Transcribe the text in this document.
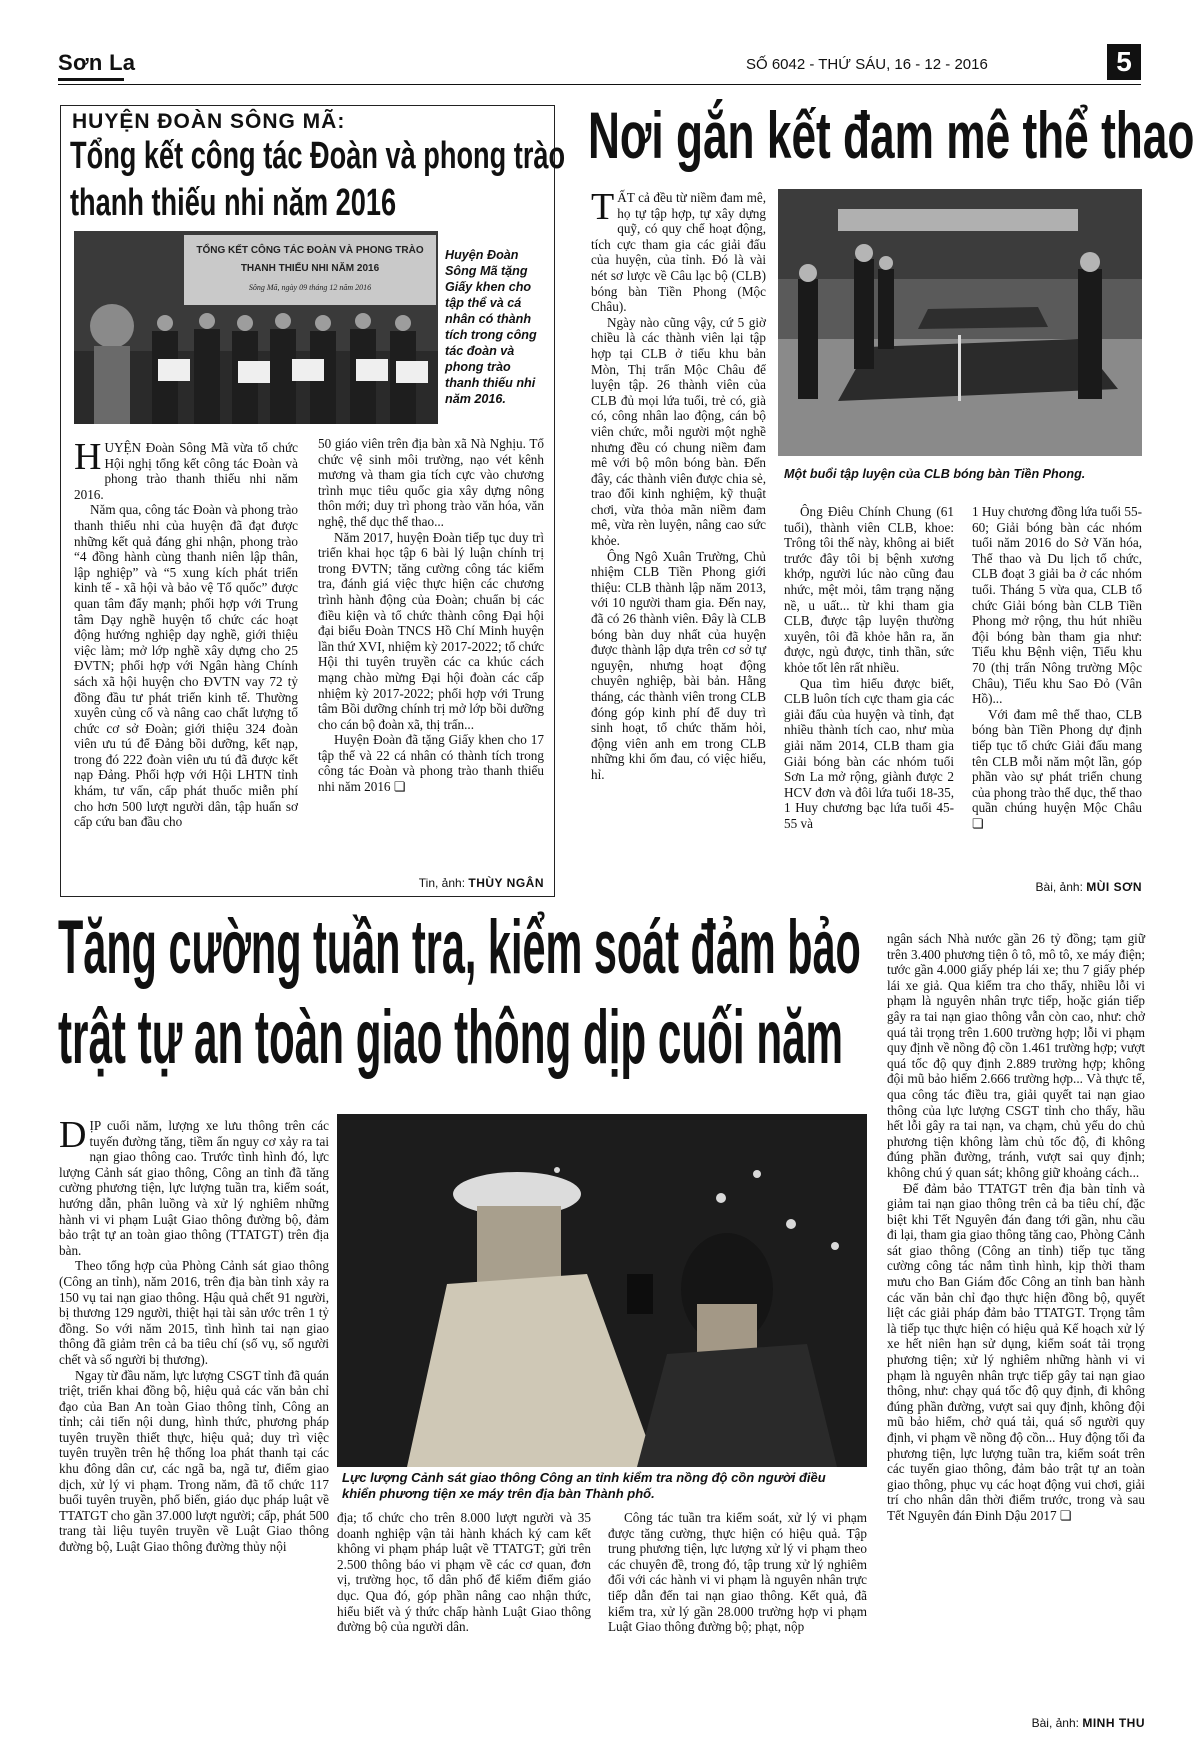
Sơn La	SỐ 6042 - THỨ SÁU, 16 - 12 - 2016	5
HUYỆN ĐOÀN SÔNG MÃ:
Tổng kết công tác Đoàn và phong trào
thanh thiếu nhi năm 2016
TỔNG KẾT CÔNG TÁC ĐOÀN VÀ PHONG TRÀO
THANH THIẾU NHI NĂM 2016
Sông Mã, ngày 09 tháng 12 năm 2016
Huyện Đoàn Sông Mã tặng Giấy khen cho tập thể và cá nhân có thành tích trong công tác đoàn và phong trào thanh thiếu nhi năm 2016.

HUYỆN Đoàn Sông Mã vừa tổ chức Hội nghị tổng kết công tác Đoàn và phong trào thanh thiếu nhi năm 2016.

Năm qua, công tác Đoàn và phong trào thanh thiếu nhi của huyện đã đạt được những kết quả đáng ghi nhận, phong trào “4 đồng hành cùng thanh niên lập thân, lập nghiệp” và “5 xung kích phát triển kinh tế - xã hội và bảo vệ Tổ quốc” được quan tâm đẩy mạnh; phối hợp với Trung tâm Dạy nghề huyện tổ chức các hoạt động hướng nghiệp dạy nghề, giới thiệu việc làm; mở lớp nghề xây dựng cho 25 ĐVTN; phối hợp với Ngân hàng Chính sách xã hội huyện cho ĐVTN vay 72 tỷ đồng đầu tư phát triển kinh tế. Thường xuyên củng cố và nâng cao chất lượng tổ chức cơ sở Đoàn; giới thiệu 324 đoàn viên ưu tú để Đảng bồi dưỡng, kết nạp, trong đó 222 đoàn viên ưu tú đã được kết nạp Đảng. Phối hợp với Hội LHTN tỉnh khám, tư vấn, cấp phát thuốc miễn phí cho hơn 500 lượt người dân, tập huấn sơ cấp cứu ban đầu cho

50 giáo viên trên địa bàn xã Nà Nghịu. Tổ chức vệ sinh môi trường, nạo vét kênh mương và tham gia tích cực vào chương trình mục tiêu quốc gia xây dựng nông thôn mới; duy trì phong trào văn hóa, văn nghệ, thể dục thể thao...

Năm 2017, huyện Đoàn tiếp tục duy trì triển khai học tập 6 bài lý luận chính trị trong ĐVTN; tăng cường công tác kiểm tra, đánh giá việc thực hiện các chương trình hành động của Đoàn; chuẩn bị các điều kiện và tổ chức thành công Đại hội đại biểu Đoàn TNCS Hồ Chí Minh huyện lần thứ XVI, nhiệm kỳ 2017-2022; tổ chức Hội thi tuyên truyền các ca khúc cách mạng chào mừng Đại hội đoàn các cấp nhiệm kỳ 2017-2022; phối hợp với Trung tâm Bồi dưỡng chính trị mở lớp bồi dưỡng cho cán bộ đoàn xã, thị trấn...

Huyện Đoàn đã tặng Giấy khen cho 17 tập thể và 22 cá nhân có thành tích trong công tác Đoàn và phong trào thanh thiếu nhi năm 2016 ❏

Tin, ảnh: THÙY NGÂN
Nơi gắn kết đam mê thể thao
Một buổi tập luyện của CLB bóng bàn Tiền Phong.

TẤT cả đều từ niềm đam mê, họ tự tập hợp, tự xây dựng quỹ, có quy chế hoạt động, tích cực tham gia các giải đấu của huyện, của tỉnh. Đó là vài nét sơ lược về Câu lạc bộ (CLB) bóng bàn Tiền Phong (Mộc Châu).

Ngày nào cũng vậy, cứ 5 giờ chiều là các thành viên lại tập hợp tại CLB ở tiểu khu bản Mòn, Thị trấn Mộc Châu để luyện tập. 26 thành viên của CLB đủ mọi lứa tuổi, trẻ có, già có, công nhân lao động, cán bộ viên chức, mỗi người một nghề nhưng đều có chung niềm đam mê với bộ môn bóng bàn. Đến đây, các thành viên được chia sẻ, trao đổi kinh nghiệm, kỹ thuật chơi, vừa thỏa mãn niềm đam mê, vừa rèn luyện, nâng cao sức khỏe.

Ông Ngô Xuân Trường, Chủ nhiệm CLB Tiền Phong giới thiệu: CLB thành lập năm 2013, với 10 người tham gia. Đến nay, đã có 26 thành viên. Đây là CLB bóng bàn duy nhất của huyện được thành lập dựa trên cơ sở tự nguyện, nhưng hoạt động chuyên nghiệp, bài bản. Hằng tháng, các thành viên trong CLB đóng góp kinh phí để duy trì sinh hoạt, tổ chức thăm hỏi, động viên anh em trong CLB những khi ốm đau, có việc hiếu, hỉ.

Ông Điêu Chính Chung (61 tuổi), thành viên CLB, khoe: Trông tôi thế này, không ai biết trước đây tôi bị bệnh xương khớp, người lúc nào cũng đau nhức, mệt mỏi, tâm trạng nặng nề, u uất... từ khi tham gia CLB, được tập luyện thường xuyên, tôi đã khỏe hẳn ra, ăn được, ngủ được, tinh thần, sức khỏe tốt lên rất nhiều.

Qua tìm hiểu được biết, CLB luôn tích cực tham gia các giải đấu của huyện và tỉnh, đạt nhiều thành tích cao, như mùa giải năm 2014, CLB tham gia Giải bóng bàn các nhóm tuổi Sơn La mở rộng, giành được 2 HCV đơn và đôi lứa tuổi 18-35, 1 Huy chương bạc lứa tuổi 45-55 và

1 Huy chương đồng lứa tuổi 55-60; Giải bóng bàn các nhóm tuổi năm 2016 do Sở Văn hóa, Thể thao và Du lịch tổ chức, CLB đoạt 3 giải ba ở các nhóm tuổi. Tháng 5 vừa qua, CLB tổ chức Giải bóng bàn CLB Tiền Phong mở rộng, thu hút nhiều đội bóng bàn tham gia như: Tiểu khu Bệnh viện, Tiểu khu 70 (thị trấn Nông trường Mộc Châu), Tiểu khu Sao Đỏ (Vân Hồ)...

Với đam mê thể thao, CLB bóng bàn Tiền Phong dự định tiếp tục tổ chức Giải đấu mang tên CLB mỗi năm một lần, góp phần vào sự phát triển chung của phong trào thể dục, thể thao quần chúng huyện Mộc Châu ❏

Bài, ảnh: MÙI SƠN
Tăng cường tuần tra, kiểm soát đảm bảo
trật tự an toàn giao thông dịp cuối năm
Lực lượng Cảnh sát giao thông Công an tỉnh kiểm tra nồng độ cồn người điều khiển phương tiện xe máy trên địa bàn Thành phố.

DỊP cuối năm, lượng xe lưu thông trên các tuyến đường tăng, tiềm ẩn nguy cơ xảy ra tai nạn giao thông cao. Trước tình hình đó, lực lượng Cảnh sát giao thông, Công an tỉnh đã tăng cường phương tiện, lực lượng tuần tra, kiểm soát, hướng dẫn, phân luồng và xử lý nghiêm những hành vi vi phạm Luật Giao thông đường bộ, đảm bảo trật tự an toàn giao thông (TTATGT) trên địa bàn.

Theo tổng hợp của Phòng Cảnh sát giao thông (Công an tỉnh), năm 2016, trên địa bàn tỉnh xảy ra 150 vụ tai nạn giao thông. Hậu quả chết 91 người, bị thương 129 người, thiệt hại tài sản ước trên 1 tỷ đồng. So với năm 2015, tình hình tai nạn giao thông đã giảm trên cả ba tiêu chí (số vụ, số người chết và số người bị thương).

Ngay từ đầu năm, lực lượng CSGT tỉnh đã quán triệt, triển khai đồng bộ, hiệu quả các văn bản chỉ đạo của Ban An toàn Giao thông tỉnh, Công an tỉnh; cải tiến nội dung, hình thức, phương pháp tuyên truyền thiết thực, hiệu quả; duy trì việc tuyên truyền trên hệ thống loa phát thanh tại các khu đông dân cư, các ngã ba, ngã tư, điểm giao dịch, xử lý vi phạm. Trong năm, đã tổ chức 117 buổi tuyên truyền, phổ biến, giáo dục pháp luật về TTATGT cho gần 37.000 lượt người; cấp, phát 500 trang tài liệu tuyên truyền về Luật Giao thông đường bộ, Luật Giao thông đường thủy nội

địa; tổ chức cho trên 8.000 lượt người và 35 doanh nghiệp vận tải hành khách ký cam kết không vi phạm pháp luật về TTATGT; gửi trên 2.500 thông báo vi phạm về các cơ quan, đơn vị, trường học, tổ dân phố để kiểm điểm giáo dục. Qua đó, góp phần nâng cao nhận thức, hiểu biết và ý thức chấp hành Luật Giao thông đường bộ của người dân.

Công tác tuần tra kiểm soát, xử lý vi phạm được tăng cường, thực hiện có hiệu quả. Tập trung phương tiện, lực lượng xử lý vi phạm theo các chuyên đề, trong đó, tập trung xử lý nghiêm đối với các hành vi vi phạm là nguyên nhân trực tiếp dẫn đến tai nạn giao thông. Kết quả, đã kiểm tra, xử lý gần 28.000 trường hợp vi phạm Luật Giao thông đường bộ; phạt, nộp

ngân sách Nhà nước gần 26 tỷ đồng; tạm giữ trên 3.400 phương tiện ô tô, mô tô, xe máy điện; tước gần 4.000 giấy phép lái xe; thu 7 giấy phép lái xe giả. Qua kiểm tra cho thấy, nhiều lỗi vi phạm là nguyên nhân trực tiếp, hoặc gián tiếp gây ra tai nạn giao thông vẫn còn cao, như: chở quá tải trọng trên 1.600 trường hợp; lỗi vi phạm quy định về nồng độ cồn 1.461 trường hợp; vượt quá tốc độ quy định 2.889 trường hợp; không đội mũ bảo hiểm 2.666 trường hợp... Và thực tế, qua công tác điều tra, giải quyết tai nạn giao thông của lực lượng CSGT tỉnh cho thấy, hầu hết lỗi gây ra tai nạn, va chạm, chủ yếu do chủ phương tiện không làm chủ tốc độ, đi không đúng phần đường, tránh, vượt sai quy định; không chú ý quan sát; không giữ khoảng cách...

Để đảm bảo TTATGT trên địa bàn tỉnh và giảm tai nạn giao thông trên cả ba tiêu chí, đặc biệt khi Tết Nguyên đán đang tới gần, nhu cầu đi lại, tham gia giao thông tăng cao, Phòng Cảnh sát giao thông (Công an tỉnh) tiếp tục tăng cường công tác nắm tình hình, kịp thời tham mưu cho Ban Giám đốc Công an tỉnh ban hành các văn bản chỉ đạo thực hiện đồng bộ, quyết liệt các giải pháp đảm bảo TTATGT. Trọng tâm là tiếp tục thực hiện có hiệu quả Kế hoạch xử lý xe hết niên hạn sử dụng, kiểm soát tải trọng phương tiện; xử lý nghiêm những hành vi vi phạm là nguyên nhân trực tiếp gây tai nạn giao thông, như: chạy quá tốc độ quy định, đi không đúng phần đường, vượt sai quy định, không đội mũ bảo hiểm, chở quá tải, quá số người quy định, vi phạm về nồng độ cồn... Huy động tối đa phương tiện, lực lượng tuần tra, kiểm soát trên các tuyến giao thông, đảm bảo trật tự an toàn giao thông, phục vụ các hoạt động vui chơi, giải trí cho nhân dân thời điểm trước, trong và sau Tết Nguyên đán Đinh Dậu 2017 ❏

Bài, ảnh: MINH THU
